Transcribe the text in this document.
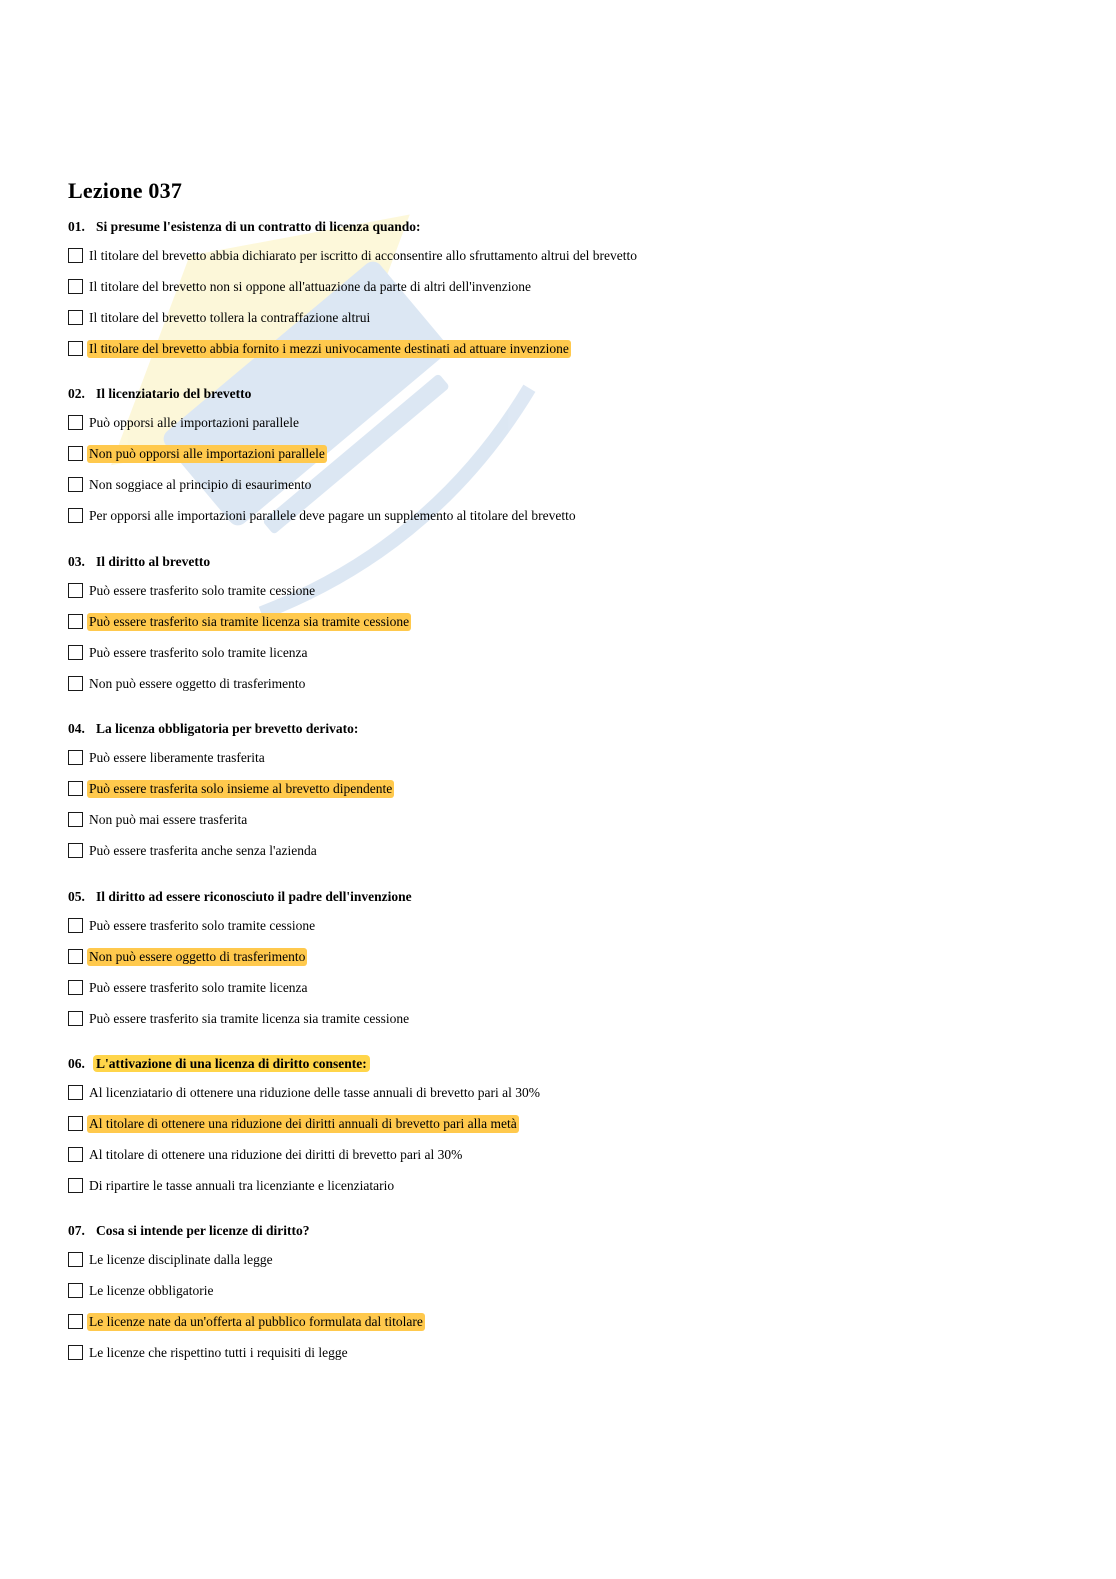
Lezione 037
01. Si presume l'esistenza di un contratto di licenza quando:
Il titolare del brevetto abbia dichiarato per iscritto di acconsentire allo sfruttamento altrui del brevetto
Il titolare del brevetto non si oppone all'attuazione da parte di altri dell'invenzione
Il titolare del brevetto tollera la contraffazione altrui
Il titolare del brevetto abbia fornito i mezzi univocamente destinati ad attuare invenzione
02. Il licenziatario del brevetto
Può opporsi alle importazioni parallele
Non può opporsi alle importazioni parallele
Non soggiace al principio di esaurimento
Per opporsi alle importazioni parallele deve pagare un supplemento al titolare del brevetto
03. Il diritto al brevetto
Può essere trasferito solo tramite cessione
Può essere trasferito sia tramite licenza sia tramite cessione
Può essere trasferito solo tramite licenza
Non può essere oggetto di trasferimento
04. La licenza obbligatoria per brevetto derivato:
Può essere liberamente trasferita
Può essere trasferita solo insieme al brevetto dipendente
Non può mai essere trasferita
Può essere trasferita anche senza l'azienda
05. Il diritto ad essere riconosciuto il padre dell'invenzione
Può essere trasferito solo tramite cessione
Non può essere oggetto di trasferimento
Può essere trasferito solo tramite licenza
Può essere trasferito sia tramite licenza sia tramite cessione
06. L'attivazione di una licenza di diritto consente:
Al licenziatario di ottenere una riduzione delle tasse annuali di brevetto pari al 30%
Al titolare di ottenere una riduzione dei diritti annuali di brevetto pari alla metà
Al titolare di ottenere una riduzione dei diritti di brevetto pari al 30%
Di ripartire le tasse annuali tra licenziante e licenziatario
07. Cosa si intende per licenze di diritto?
Le licenze disciplinate dalla legge
Le licenze obbligatorie
Le licenze nate da un'offerta al pubblico formulata dal titolare
Le licenze che rispettino tutti i requisiti di legge
